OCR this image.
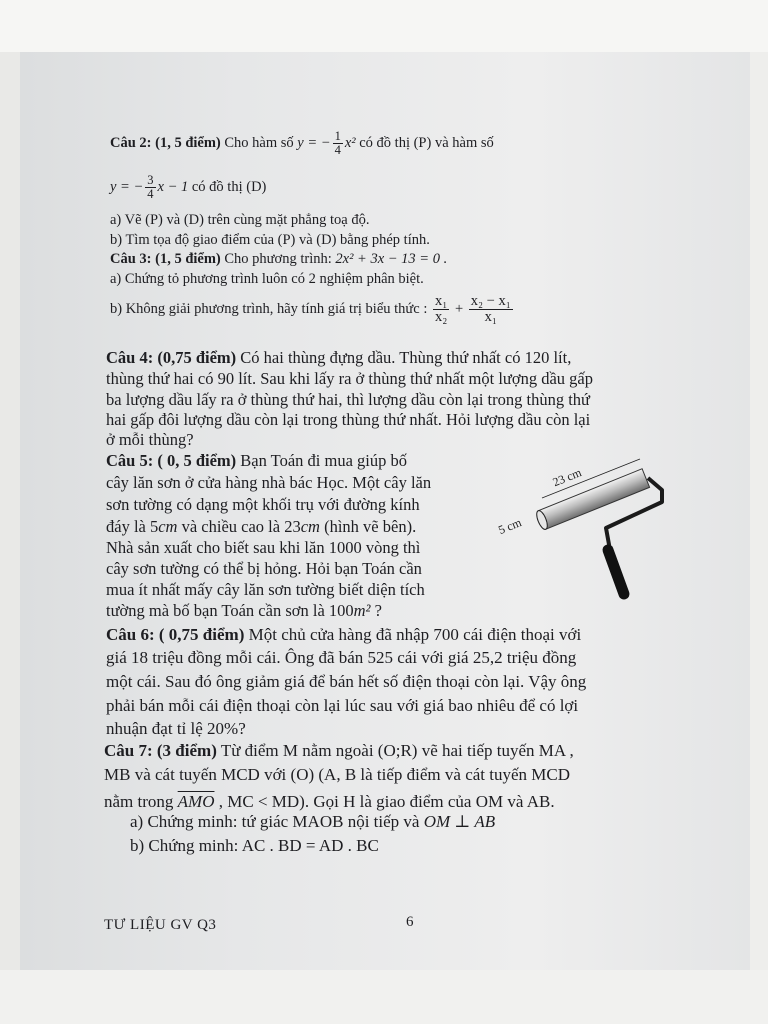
Câu 2: (1, 5 điểm) Cho hàm số y = − $\frac{1}{4} x^2$ có đồ thị (P) và hàm số
y = − $\frac{3}{4}$ x − 1 có đồ thị (D)
a) Vẽ (P) và (D) trên cùng mặt phẳng toạ độ.
b) Tìm tọa độ giao điểm của (P) và (D) bằng phép tính.
Câu 3: (1, 5 điểm) Cho phương trình: 2x² + 3x − 13 = 0 .
a) Chứng tỏ phương trình luôn có 2 nghiệm phân biệt.
b) Không giải phương trình, hãy tính giá trị biểu thức : $\frac{\text{x₁}}{\text{x₂}} + \frac{\text{x₂ − x₁}}{\text{x₁}}$
Câu 4: (0,75 điểm) Có hai thùng đựng dầu. Thùng thứ nhất có 120 lít,
thùng thứ hai có 90 lít. Sau khi lấy ra ở thùng thứ nhất một lượng dầu gấp
ba lượng dầu lấy ra ở thùng thứ hai, thì lượng dầu còn lại trong thùng thứ
hai gấp đôi lượng dầu còn lại trong thùng thứ nhất. Hỏi lượng dầu còn lại
ở mỗi thùng?
Câu 5: ( 0, 5 điểm) Bạn Toán đi mua giúp bố
cây lăn sơn ở cửa hàng nhà bác Học. Một cây lăn
sơn tường có dạng một khối trụ với đường kính
đáy là 5cm và chiều cao là 23cm (hình vẽ bên).
Nhà sản xuất cho biết sau khi lăn 1000 vòng thì
cây sơn tường có thể bị hỏng. Hỏi bạn Toán cần
mua ít nhất mấy cây lăn sơn tường biết diện tích
tường mà bố bạn Toán cần sơn là 100m² ?
23 cm
5 cm
Câu 6: ( 0,75 điểm) Một chủ cửa hàng đã nhập 700 cái điện thoại với
giá 18 triệu đồng mỗi cái. Ông đã bán 525 cái với giá 25,2 triệu đồng
một cái. Sau đó ông giảm giá để bán hết số điện thoại còn lại. Vậy ông
phải bán mỗi cái điện thoại còn lại lúc sau với giá bao nhiêu để có lợi
nhuận đạt tỉ lệ 20%?
Câu 7: (3 điểm) Từ điểm M nằm ngoài (O;R) vẽ hai tiếp tuyến MA ,
MB và cát tuyến MCD với (O) (A, B là tiếp điểm và cát tuyến MCD
nằm trong $\overline{AMO}$ , MC < MD). Gọi H là giao điểm của OM và AB.
a) Chứng minh: tứ giác MAOB nội tiếp và OM ⊥ AB
b) Chứng minh: AC . BD = AD . BC
TƯ LIỆU GV Q3	6
